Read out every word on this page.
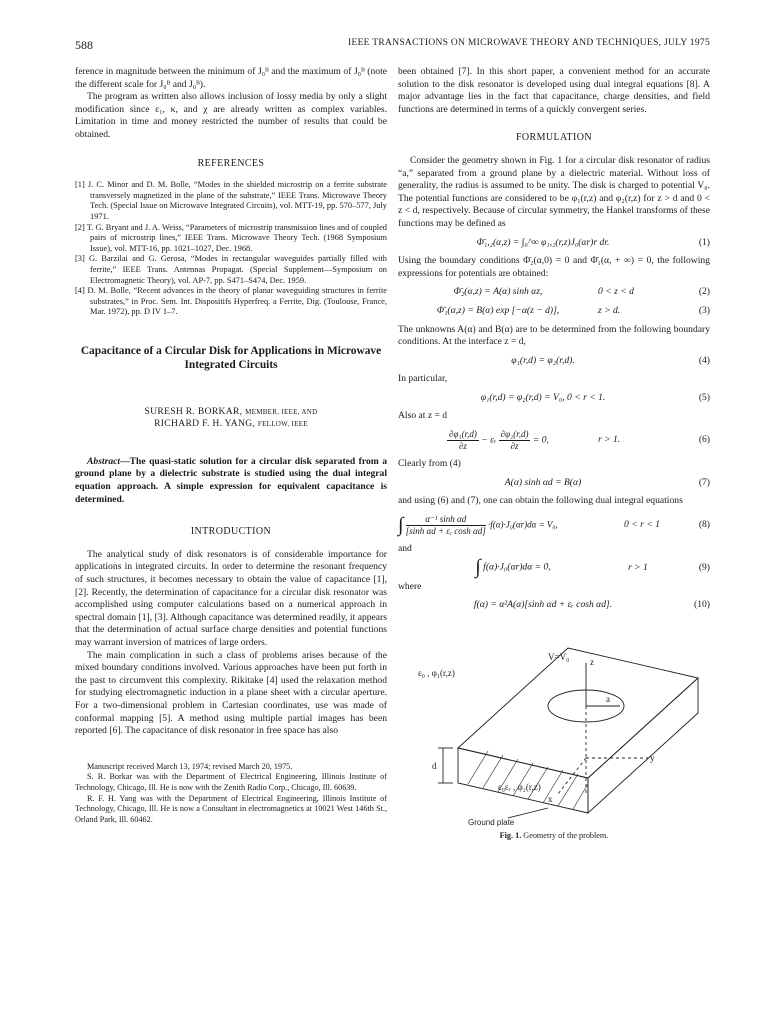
588	IEEE TRANSACTIONS ON MICROWAVE THEORY AND TECHNIQUES, JULY 1975

ference in magnitude between the minimum of J₀ᴮ and the maximum of J₀ᴮ (note the different scale for J₀ᴮ and J₀ᴮ).

The program as written also allows inclusion of lossy media by only a slight modification since ε₁, κ, and χ are already written as complex variables. Limitation in time and money restricted the number of results that could be obtained.

REFERENCES

[1] J. C. Minor and D. M. Bolle, “Modes in the shielded microstrip on a ferrite substrate transversely magnetized in the plane of the substrate,” IEEE Trans. Microwave Theory Tech. (Special Issue on Microwave Integrated Circuits), vol. MTT-19, pp. 570–577, July 1971.

[2] T. G. Bryant and J. A. Weiss, “Parameters of microstrip transmission lines and of coupled pairs of microstrip lines,” IEEE Trans. Microwave Theory Tech. (1968 Symposium Issue), vol. MTT-16, pp. 1021–1027, Dec. 1968.

[3] G. Barzilai and G. Gerosa, “Modes in rectangular waveguides partially filled with ferrite,” IEEE Trans. Antennas Propagat. (Special Supplement—Symposium on Electromagnetic Theory), vol. AP-7, pp. S471–S474, Dec. 1959.

[4] D. M. Bolle, “Recent advances in the theory of planar waveguiding structures in ferrite substrates,” in Proc. Sem. Int. Dispositifs Hyperfreq. a Ferrite, Dig. (Toulouse, France, Mar. 1972), pp. D IV 1–7.

Capacitance of a Circular Disk for Applications in Microwave Integrated Circuits
SURESH R. BORKAR, MEMBER, IEEE, AND
RICHARD F. H. YANG, FELLOW, IEEE

Abstract—The quasi-static solution for a circular disk separated from a ground plane by a dielectric substrate is studied using the dual integral equation approach. A simple expression for equivalent capacitance is determined.

INTRODUCTION

The analytical study of disk resonators is of considerable importance for applications in integrated circuits. In order to determine the resonant frequency of such structures, it becomes necessary to obtain the value of capacitance [1], [2]. Recently, the determination of capacitance for a circular disk resonator was accomplished using computer calculations based on a numerical approach in spectral domain [1], [3]. Although capacitance was determined readily, it appears that the determination of actual surface charge densities and potential functions may warrant inversion of matrices of large orders.

The main complication in such a class of problems arises because of the mixed boundary conditions involved. Various approaches have been put forth in the past to circumvent this complexity. Rikitake [4] used the relaxation method for studying electromagnetic induction in a plane sheet with a circular aperture. For a two-dimensional problem in Cartesian coordinates, use was made of conformal mapping [5]. A method using multiple partial images has been reported [6]. The capacitance of disk resonator in free space has also

Manuscript received March 13, 1974; revised March 20, 1975.

S. R. Borkar was with the Department of Electrical Engineering, Illinois Institute of Technology, Chicago, Ill. He is now with the Zenith Radio Corp., Chicago, Ill. 60639.

R. F. H. Yang was with the Department of Electrical Engineering, Illinois Institute of Technology, Chicago, Ill. He is now a Consultant in electromagnetics at 10021 West 146th St., Orland Park, Ill. 60462.

been obtained [7]. In this short paper, a convenient method for an accurate solution to the disk resonator is developed using dual integral equations [8]. A major advantage lies in the fact that capacitance, charge densities, and field functions are determined in terms of a quickly convergent series.

FORMULATION

Consider the geometry shown in Fig. 1 for a circular disk resonator of radius “a,” separated from a ground plane by a dielectric material. Without loss of generality, the radius is assumed to be unity. The disk is charged to potential V₀. The potential functions are considered to be φ₁(r,z) and φ₂(r,z) for z > d and 0 < z < d, respectively. Because of circular symmetry, the Hankel transforms of these functions may be defined as

Φ̄₁,₂(α,z) = ∫₀^∞ φ₁,₂(r,z)J₀(αr)r dr.	(1)

Using the boundary conditions Φ̄₂(α,0) = 0 and Φ̄₁(α, + ∞) = 0, the following expressions for potentials are obtained:

Φ̄₂(α,z) = A(α) sinh αz,	0 < z < d	(2)
Φ̄₁(α,z) = B(α) exp [−α(z − d)],	z > d.	(3)

The unknowns A(α) and B(α) are to be determined from the following boundary conditions. At the interface z = d,

φ₁(r,d) = φ₂(r,d).	(4)

In particular,

φ₁(r,d) = φ₂(r,d) = V₀, 0 < r < 1.	(5)

Also at z = d

$\frac{\text{∂φ₁(r,d)}}{\partial z}$ − εᵣ $\frac{\text{∂φ₂(r,d)}}{\partial z} = 0$,	r > 1.	(6)

Clearly from (4)

A(α) sinh αd = B(α)	(7)

and using (6) and (7), one can obtain the following dual integral equations

∫ $\frac{\text{α⁻¹ sinh αd}}{\text{[sinh αd + εᵣ cosh αd]}} \cdot f(\alpha)\cdot J_0(\alpha r)d\alpha = V_0$,	0 < r < 1	(8)

and

∫ f(α)·J₀(αr)dα = 0,	r > 1	(9)

where

f(α) = α²A(α)[sinh αd + εᵣ cosh αd].	(10)
ε₀ , φ₁(r,z)
V=V₀ z
a
y
x
d
ε₀εᵣ , φ₂(r,z)
Ground plate
Fig. 1. Geometry of the problem.
